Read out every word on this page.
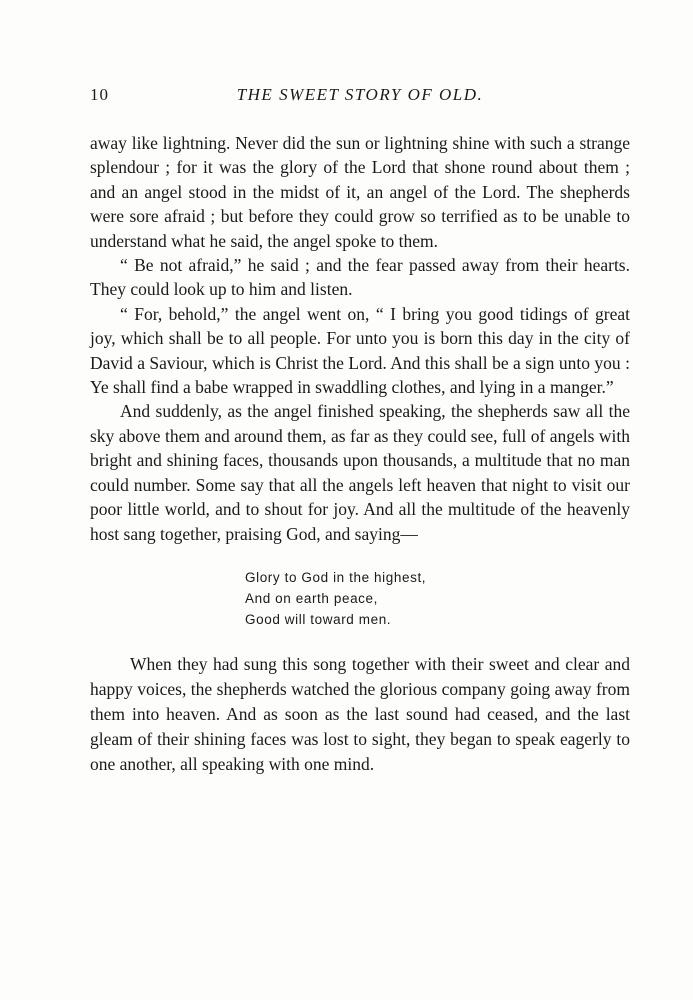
10	THE SWEET STORY OF OLD.

away like lightning. Never did the sun or lightning shine with such a strange splendour ; for it was the glory of the Lord that shone round about them ; and an angel stood in the midst of it, an angel of the Lord. The shepherds were sore afraid ; but before they could grow so terrified as to be unable to understand what he said, the angel spoke to them.

“ Be not afraid,” he said ; and the fear passed away from their hearts. They could look up to him and listen.

“ For, behold,” the angel went on, “ I bring you good tidings of great joy, which shall be to all people. For unto you is born this day in the city of David a Saviour, which is Christ the Lord. And this shall be a sign unto you : Ye shall find a babe wrapped in swaddling clothes, and lying in a manger.”

And suddenly, as the angel finished speaking, the shepherds saw all the sky above them and around them, as far as they could see, full of angels with bright and shining faces, thousands upon thousands, a multitude that no man could number. Some say that all the angels left heaven that night to visit our poor little world, and to shout for joy. And all the multitude of the heavenly host sang together, praising God, and saying—

Glory to God in the highest,
And on earth peace,
Good will toward men.

When they had sung this song together with their sweet and clear and happy voices, the shepherds watched the glorious company going away from them into heaven. And as soon as the last sound had ceased, and the last gleam of their shining faces was lost to sight, they began to speak eagerly to one another, all speaking with one mind.
